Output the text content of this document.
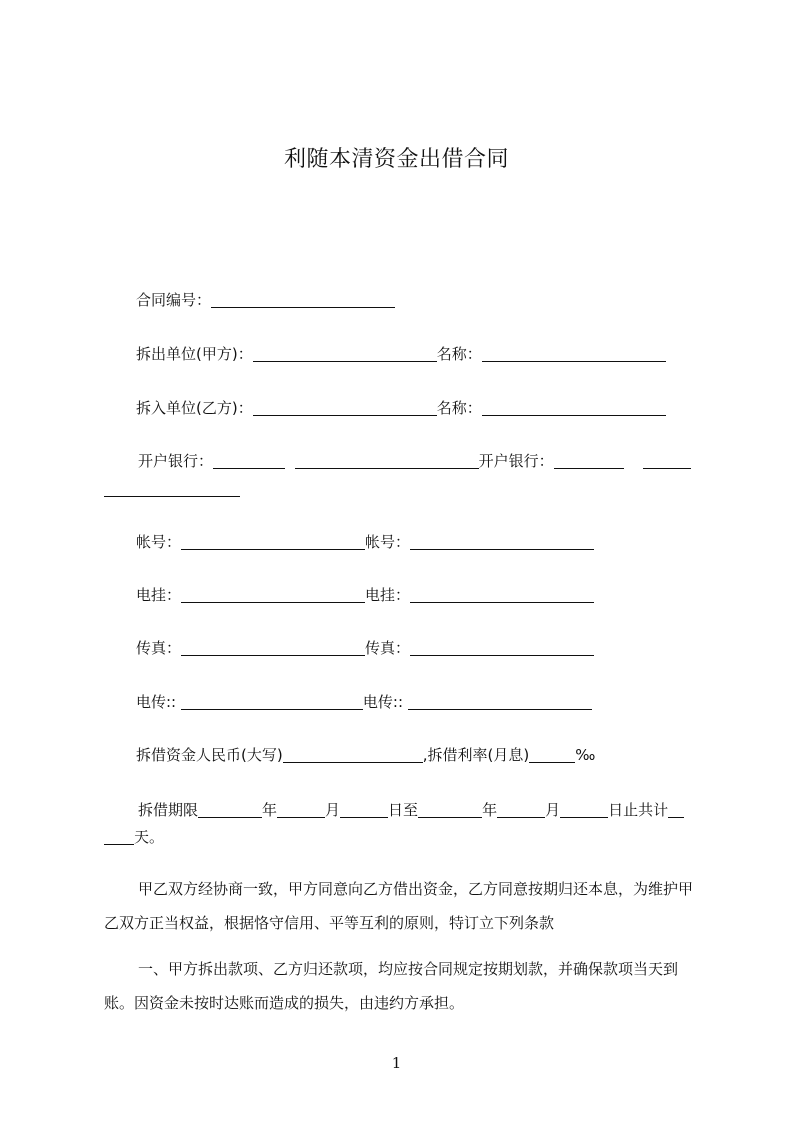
利随本清资金出借合同
合同编号：
拆出单位(甲方)：	名称：
拆入单位(乙方)：	名称：
开户银行：	开户银行：
帐号：	帐号：
电挂：	电挂：
传真：	传真：
电传::	电传::
拆借资金人民币(大写)	,拆借利率(月息)	‰
拆借期限	年	月	日至	年	月	日止共计
天。
甲乙双方经协商一致，甲方同意向乙方借出资金，乙方同意按期归还本息，为维护甲乙双方正当权益，根据恪守信用、平等互利的原则，特订立下列条款
一、甲方拆出款项、乙方归还款项，均应按合同规定按期划款，并确保款项当天到账。因资金未按时达账而造成的损失，由违约方承担。
1
